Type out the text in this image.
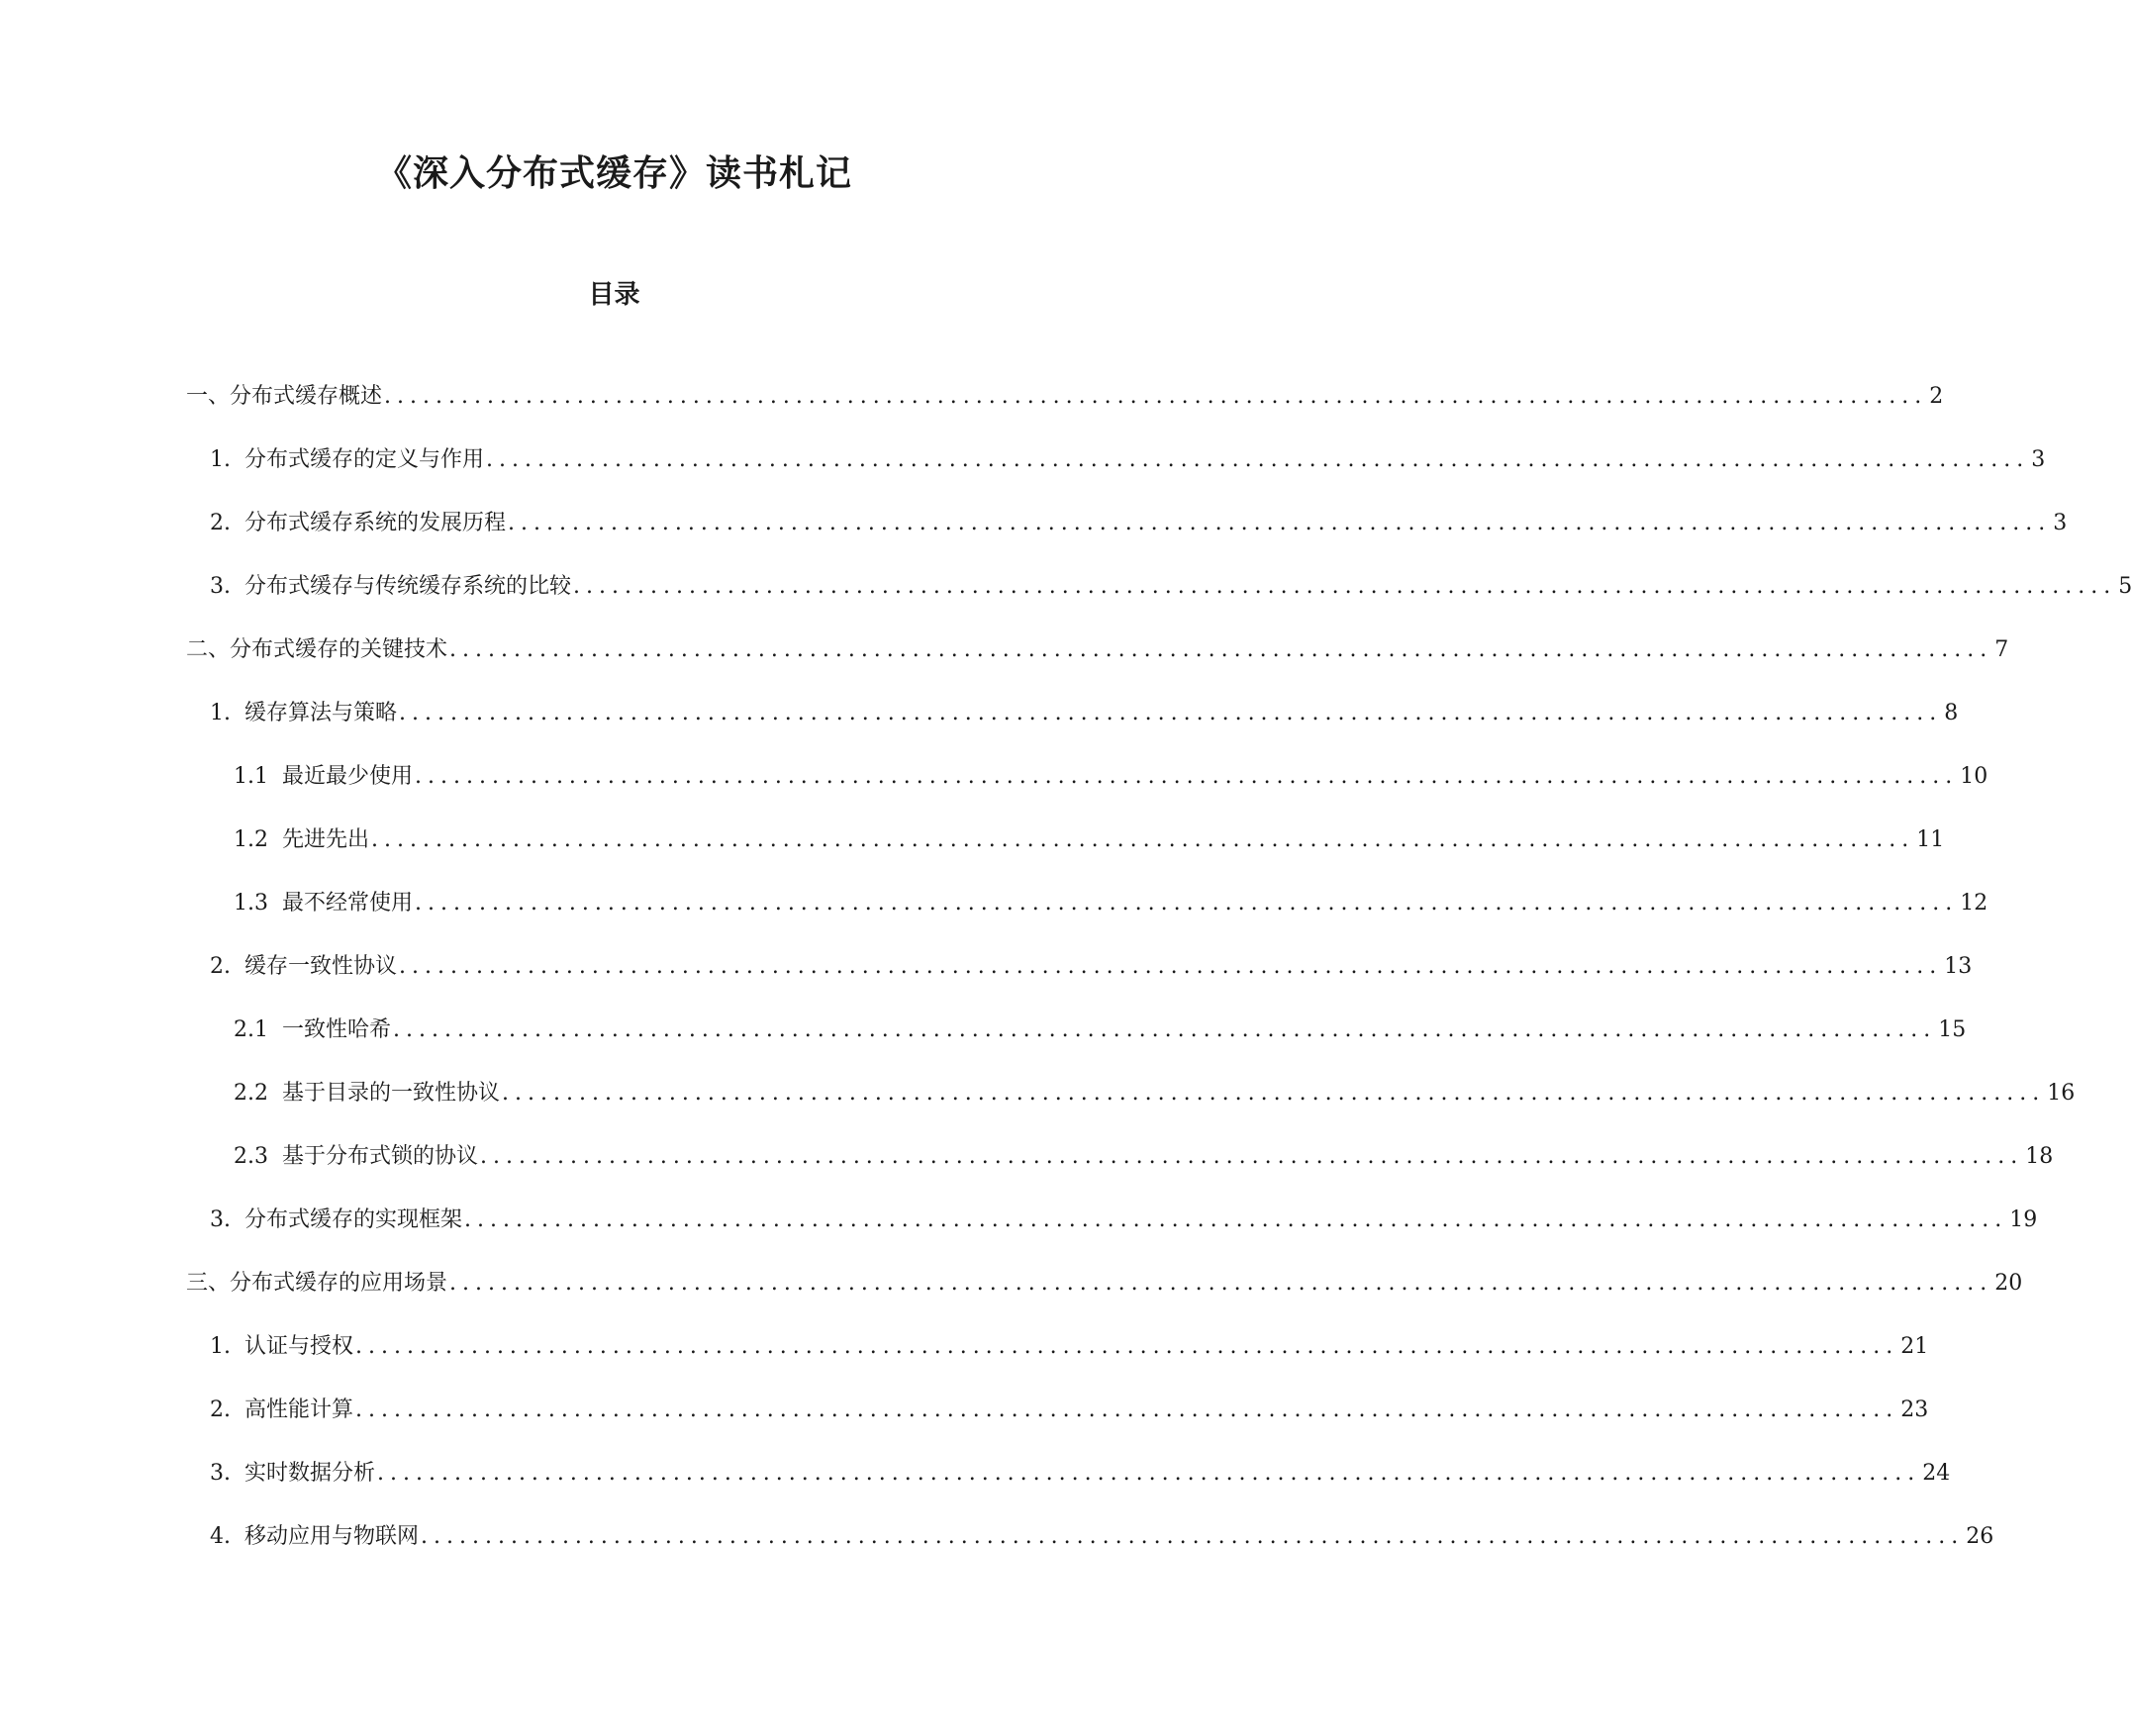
《深入分布式缓存》读书札记
目录
一、 分布式缓存概述 ........................................................................................................................ 2
1. 分布式缓存的定义与作用 ........................................................................................................................ 3
2. 分布式缓存系统的发展历程 ........................................................................................................................ 3
3. 分布式缓存与传统缓存系统的比较 ........................................................................................................................ 5
二、 分布式缓存的关键技术 ........................................................................................................................ 7
1. 缓存算法与策略 ........................................................................................................................ 8
1.1 最近最少使用 ........................................................................................................................ 10
1.2 先进先出 ........................................................................................................................ 11
1.3 最不经常使用 ........................................................................................................................ 12
2. 缓存一致性协议 ........................................................................................................................ 13
2.1 一致性哈希 ........................................................................................................................ 15
2.2 基于目录的一致性协议 ........................................................................................................................ 16
2.3 基于分布式锁的协议 ........................................................................................................................ 18
3. 分布式缓存的实现框架 ........................................................................................................................ 19
三、 分布式缓存的应用场景 ........................................................................................................................ 20
1. 认证与授权 ........................................................................................................................ 21
2. 高性能计算 ........................................................................................................................ 23
3. 实时数据分析 ........................................................................................................................ 24
4. 移动应用与物联网 ........................................................................................................................ 26
